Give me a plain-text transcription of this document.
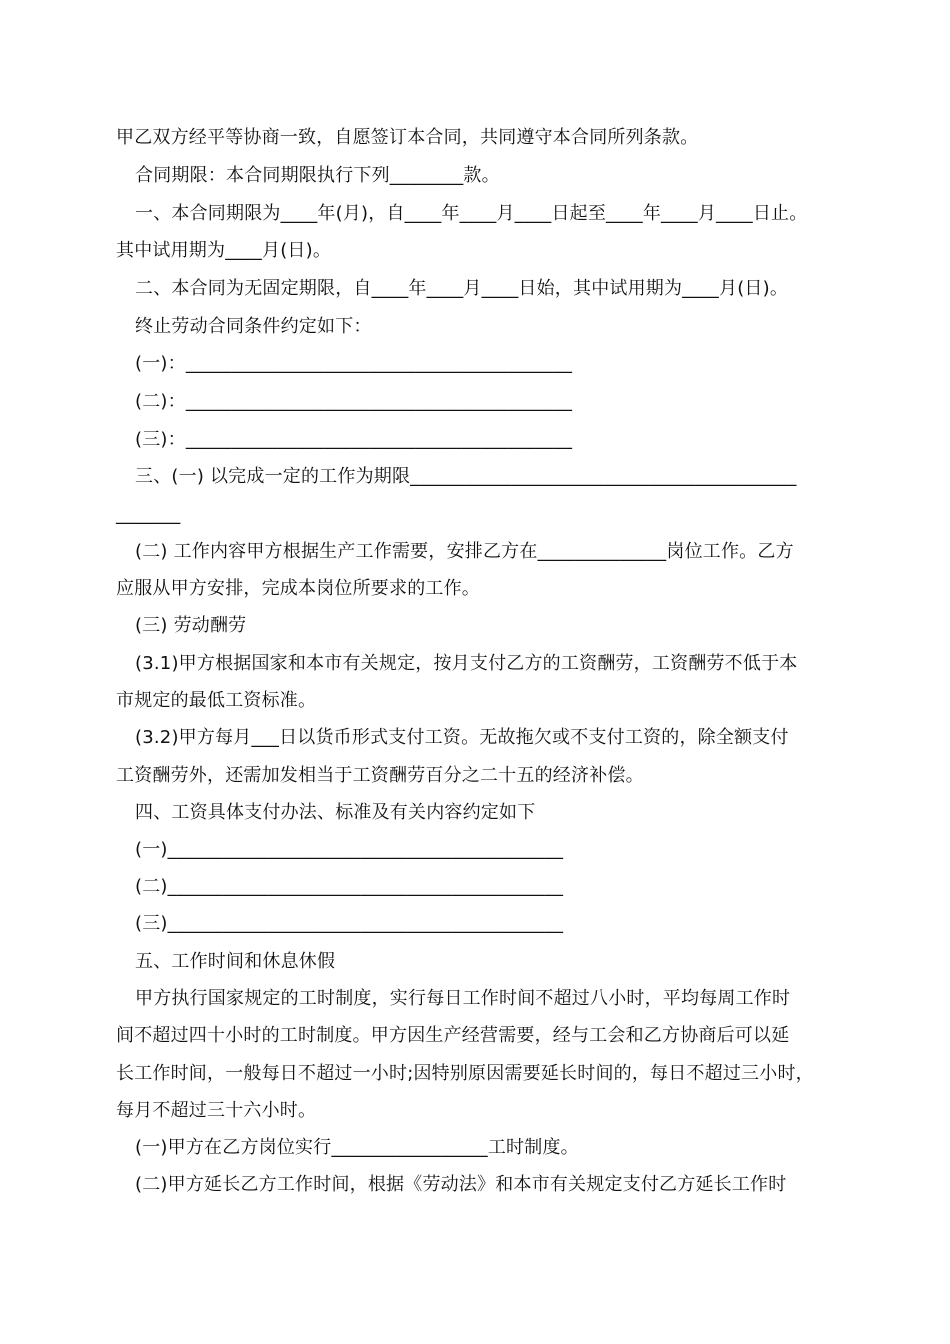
甲乙双方经平等协商一致，自愿签订本合同，共同遵守本合同所列条款。
合同期限：本合同期限执行下列________款。
一、本合同期限为____年(月)，自____年____月____日起至____年____月____日止。
其中试用期为____月(日)。
二、本合同为无固定期限，自____年____月____日始，其中试用期为____月(日)。
终止劳动合同条件约定如下：
(一)：__________________________________________
(二)：__________________________________________
(三)：__________________________________________
三、(一) 以完成一定的工作为期限__________________________________________
_______
(二) 工作内容甲方根据生产工作需要，安排乙方在______________岗位工作。乙方
应服从甲方安排，完成本岗位所要求的工作。
(三) 劳动酬劳
(3.1)甲方根据国家和本市有关规定，按月支付乙方的工资酬劳，工资酬劳不低于本
市规定的最低工资标准。
(3.2)甲方每月___日以货币形式支付工资。无故拖欠或不支付工资的，除全额支付
工资酬劳外，还需加发相当于工资酬劳百分之二十五的经济补偿。
四、工资具体支付办法、标准及有关内容约定如下
(一)___________________________________________
(二)___________________________________________
(三)___________________________________________
五、工作时间和休息休假
甲方执行国家规定的工时制度，实行每日工作时间不超过八小时，平均每周工作时
间不超过四十小时的工时制度。甲方因生产经营需要，经与工会和乙方协商后可以延
长工作时间，一般每日不超过一小时;因特别原因需要延长时间的，每日不超过三小时，
每月不超过三十六小时。
(一)甲方在乙方岗位实行_________________工时制度。
(二)甲方延长乙方工作时间，根据《劳动法》和本市有关规定支付乙方延长工作时
